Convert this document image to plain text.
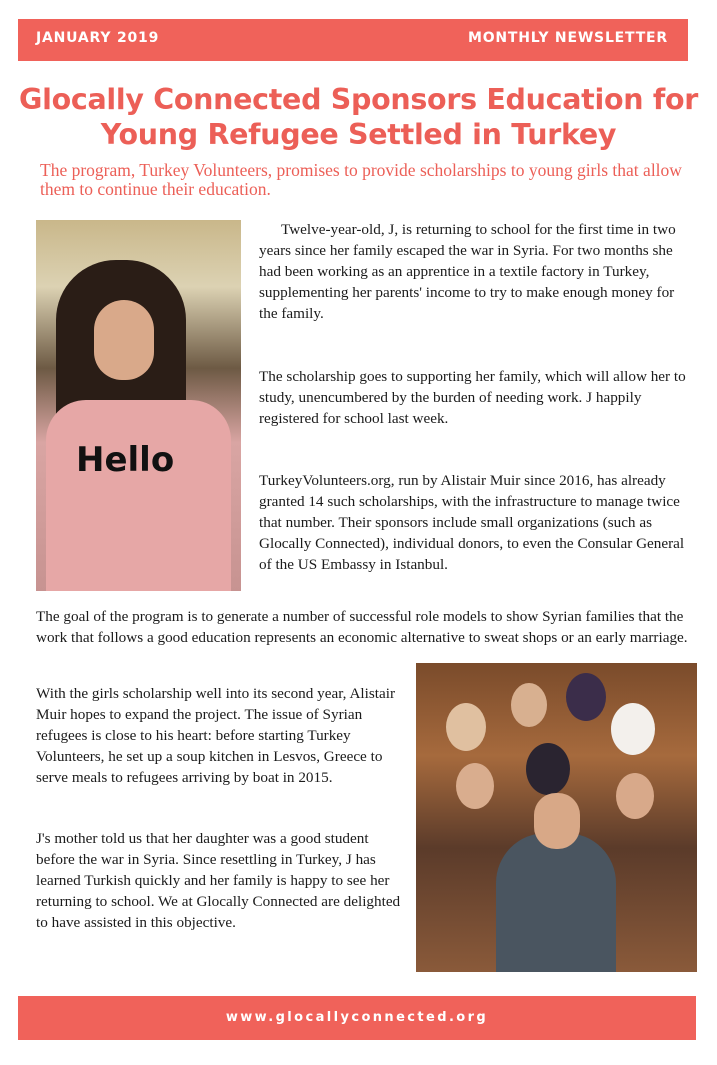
JANUARY 2019	MONTHLY NEWSLETTER
Glocally Connected Sponsors Education for Young Refugee Settled in Turkey

The program, Turkey Volunteers, promises to provide scholarships to young girls that allow them to continue their education.

Hello

Twelve-year-old, J, is returning to school for the first time in two years since her family escaped the war in Syria. For two months she had been working as an apprentice in a textile factory in Turkey, supplementing her parents' income to try to make enough money for the family.

The scholarship goes to supporting her family, which will allow her to study, unencumbered by the burden of needing work. J happily registered for school last week.

TurkeyVolunteers.org, run by Alistair Muir since 2016, has already granted 14 such scholarships, with the infrastructure to manage twice that number. Their sponsors include small organizations (such as Glocally Connected), individual donors, to even the Consular General of the US Embassy in Istanbul.

The goal of the program is to generate a number of successful role models to show Syrian families that the work that follows a good education represents an economic alternative to sweat shops or an early marriage.

With the girls scholarship well into its second year, Alistair Muir hopes to expand the project. The issue of Syrian refugees is close to his heart: before starting Turkey Volunteers, he set up a soup kitchen in Lesvos, Greece to serve meals to refugees arriving by boat in 2015.

J's mother told us that her daughter was a good student before the war in Syria. Since resettling in Turkey, J has learned Turkish quickly and her family is happy to see her returning to school. We at Glocally Connected are delighted to have assisted in this objective.

www.glocallyconnected.org
